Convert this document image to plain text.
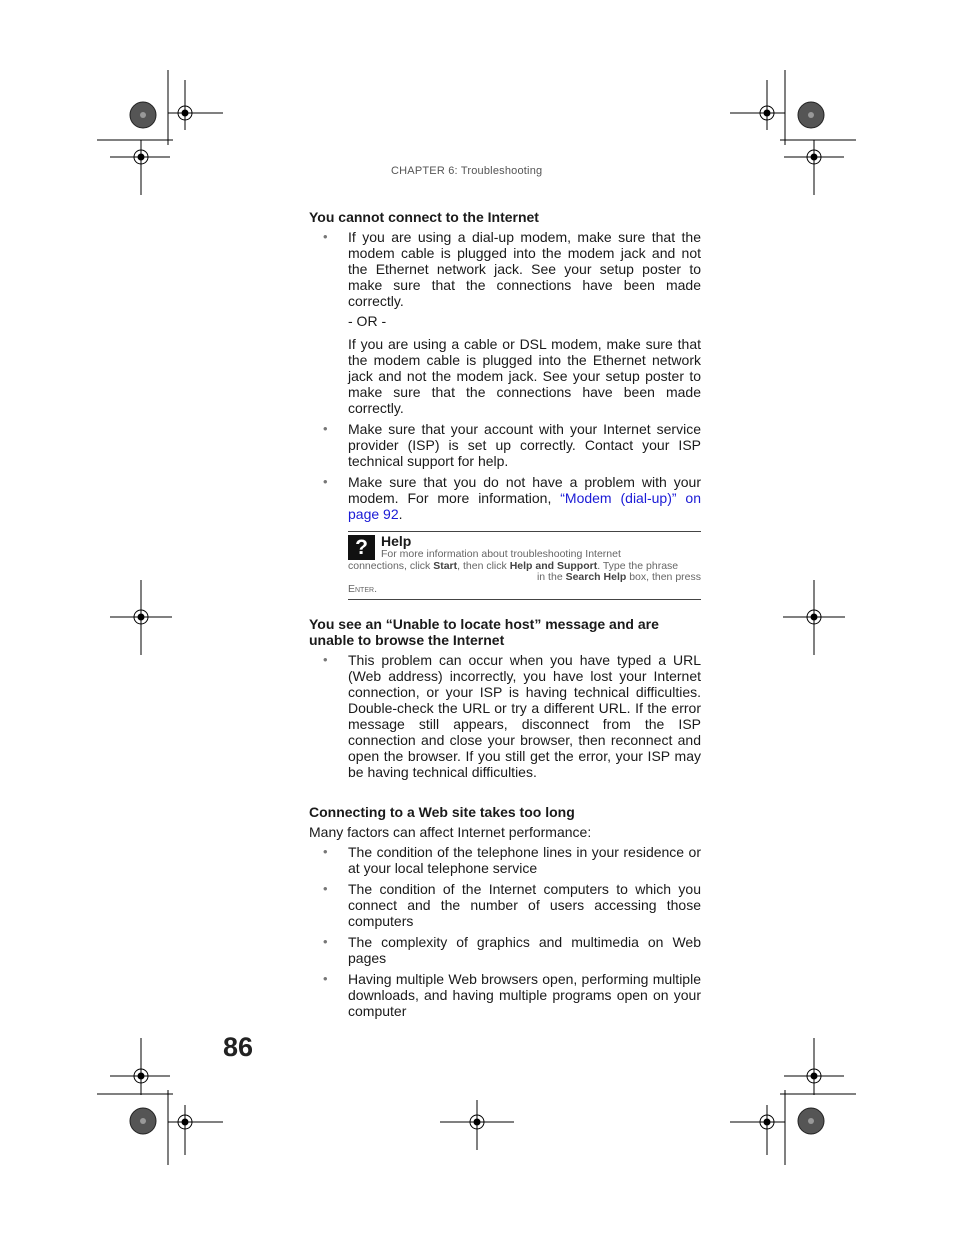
CHAPTER 6: Troubleshooting
You cannot connect to the Internet
• If you are using a dial-up modem, make sure that the modem cable is plugged into the modem jack and not the Ethernet network jack. See your setup poster to make sure that the connections have been made correctly.

- OR -

If you are using a cable or DSL modem, make sure that the modem cable is plugged into the Ethernet network jack and not the modem jack. See your setup poster to make sure that the connections have been made correctly.

• Make sure that your account with your Internet service provider (ISP) is set up correctly. Contact your ISP technical support for help.
• Make sure that you do not have a problem with your modem. For more information, “Modem (dial-up)” on page 92.
? Help
For more information about troubleshooting Internet
connections, click Start, then click Help and Support. Type the phrase
in the Search Help box, then press
Enter.
You see an “Unable to locate host” message and are unable to browse the Internet
• This problem can occur when you have typed a URL (Web address) incorrectly, you have lost your Internet connection, or your ISP is having technical difficulties. Double-check the URL or try a different URL. If the error message still appears, disconnect from the ISP connection and close your browser, then reconnect and open the browser. If you still get the error, your ISP may be having technical difficulties.
Connecting to a Web site takes too long

Many factors can affect Internet performance:

• The condition of the telephone lines in your residence or at your local telephone service
• The condition of the Internet computers to which you connect and the number of users accessing those computers
• The complexity of graphics and multimedia on Web pages
• Having multiple Web browsers open, performing multiple downloads, and having multiple programs open on your computer
86
